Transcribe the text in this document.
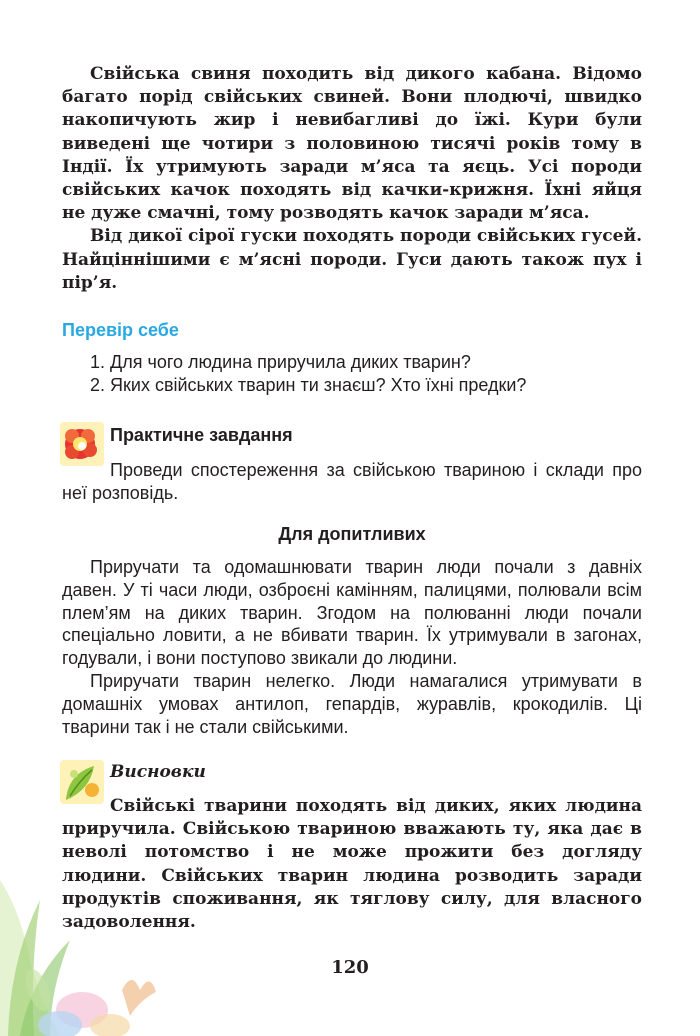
Свійська свиня походить від дикого кабана. Відомо багато порід свійських свиней. Вони плодючі, швидко накопичують жир і невибагливі до їжі. Кури були виведені ще чотири з половиною тисячі років тому в Індії. Їх утримують заради м’яса та яєць. Усі породи свійських качок походять від качки-крижня. Їхні яйця не дуже смачні, тому розводять качок заради м’яса.

Від дикої сірої гуски походять породи свійських гусей. Найціннішими є м’ясні породи. Гуси дають також пух і пір’я.

Перевір себе
1. Для чого людина приручила диких тварин?
2. Яких свійських тварин ти знаєш? Хто їхні предки?
Практичне завдання

Проведи спостереження за свійською твариною і склади про неї розповідь.

Для допитливих

Приручати та одомашнювати тварин люди почали з давніх давен. У ті часи люди, озброєні камінням, палицями, полювали всім плем’ям на диких тварин. Згодом на полюванні люди почали спеціально ловити, а не вбивати тварин. Їх утримували в загонах, годували, і вони поступово звикали до людини.

Приручати тварин нелегко. Люди намагалися утримувати в домашніх умовах антилоп, гепардів, журавлів, крокодилів. Ці тварини так і не стали свійськими.

Висновки

Свійські тварини походять від диких, яких людина приручила. Свійською твариною вважають ту, яка дає в неволі потомство і не може прожити без догляду людини. Свійських тварин людина розводить заради продуктів споживання, як тяглову силу, для власного задоволення.

120
